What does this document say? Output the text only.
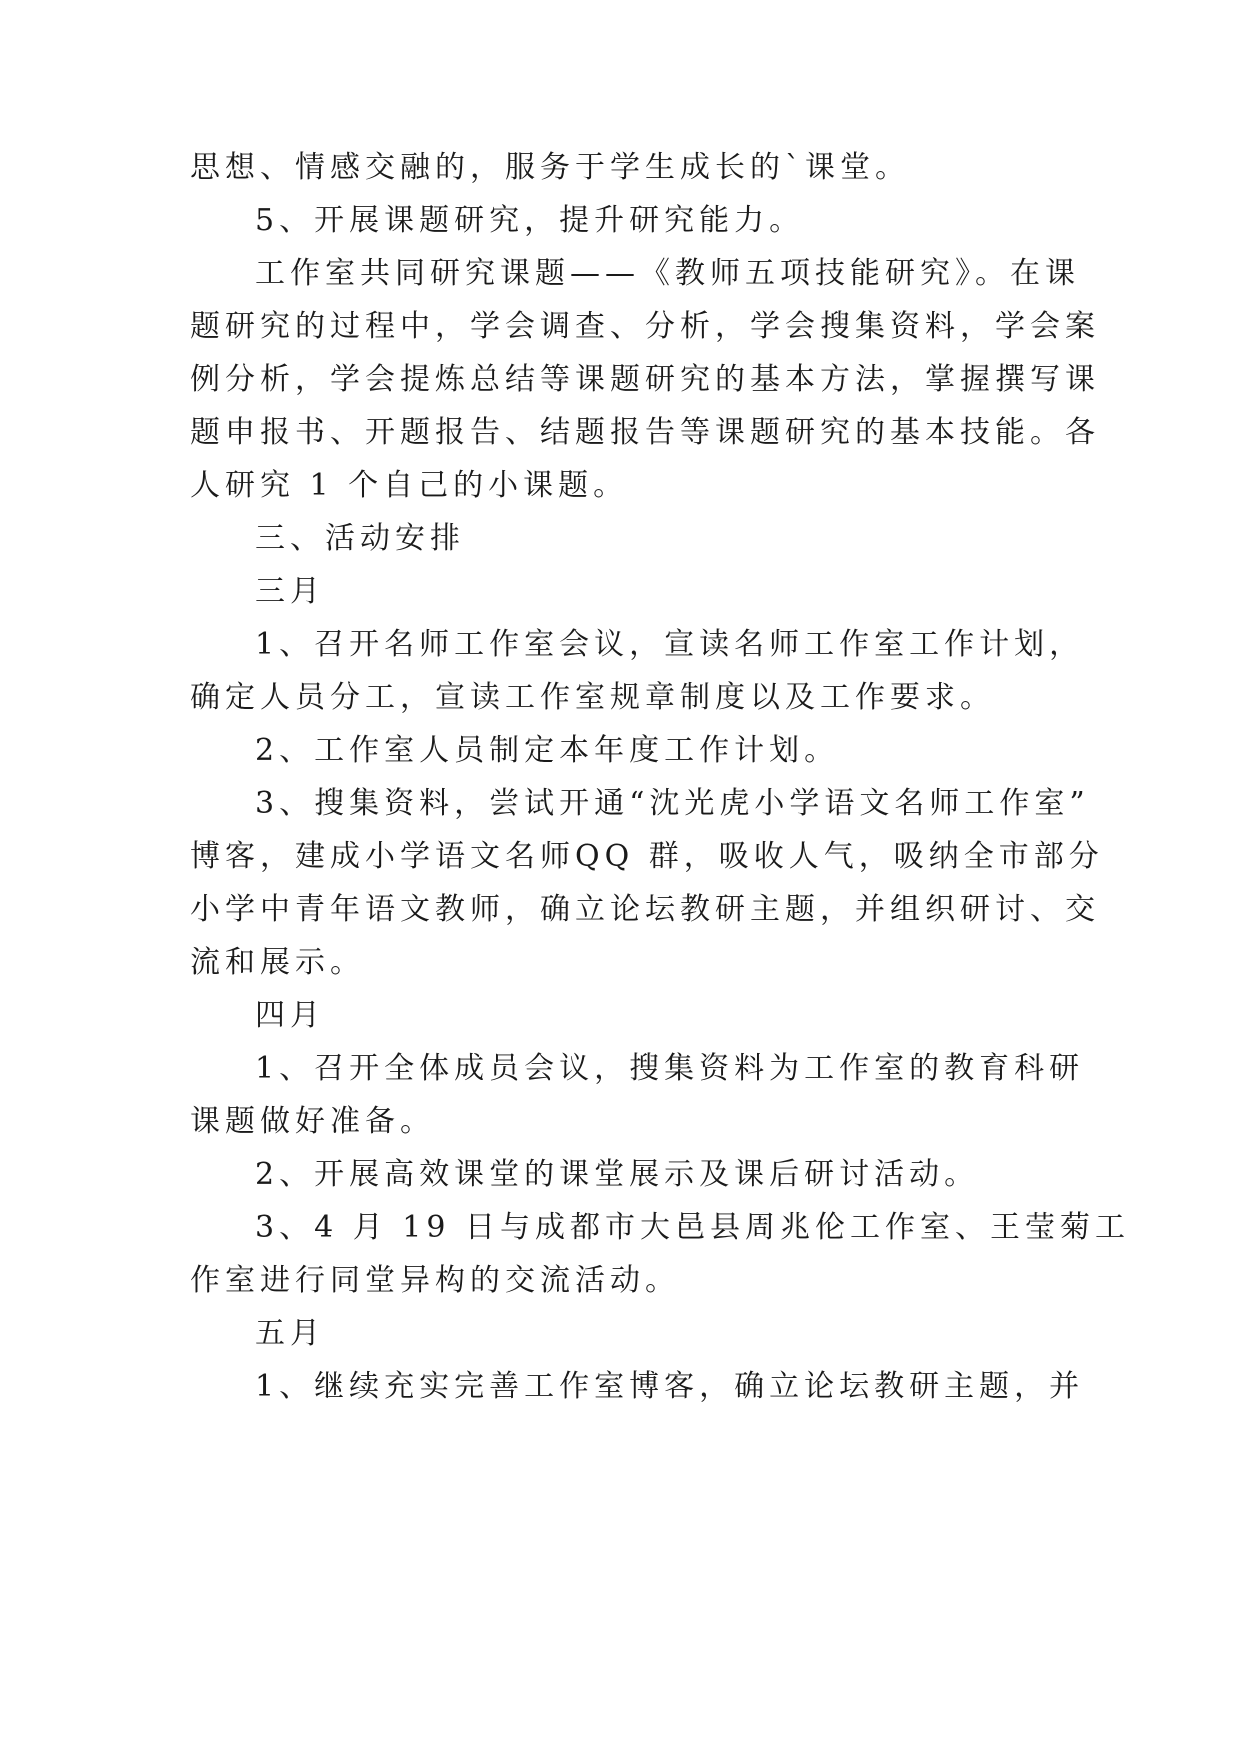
思想、情感交融的，服务于学生成长的`课堂。
5、开展课题研究，提升研究能力。
工作室共同研究课题——《教师五项技能研究》。在课
题研究的过程中，学会调查、分析，学会搜集资料，学会案
例分析，学会提炼总结等课题研究的基本方法，掌握撰写课
题申报书、开题报告、结题报告等课题研究的基本技能。各
人研究 1 个自己的小课题。
三、活动安排
三月
1、召开名师工作室会议，宣读名师工作室工作计划，
确定人员分工，宣读工作室规章制度以及工作要求。
2、工作室人员制定本年度工作计划。
3、搜集资料，尝试开通“沈光虎小学语文名师工作室”
博客，建成小学语文名师QQ 群，吸收人气，吸纳全市部分
小学中青年语文教师，确立论坛教研主题，并组织研讨、交
流和展示。
四月
1、召开全体成员会议，搜集资料为工作室的教育科研
课题做好准备。
2、开展高效课堂的课堂展示及课后研讨活动。
3、4 月 19 日与成都市大邑县周兆伦工作室、王莹菊工
作室进行同堂异构的交流活动。
五月
1、继续充实完善工作室博客，确立论坛教研主题，并
